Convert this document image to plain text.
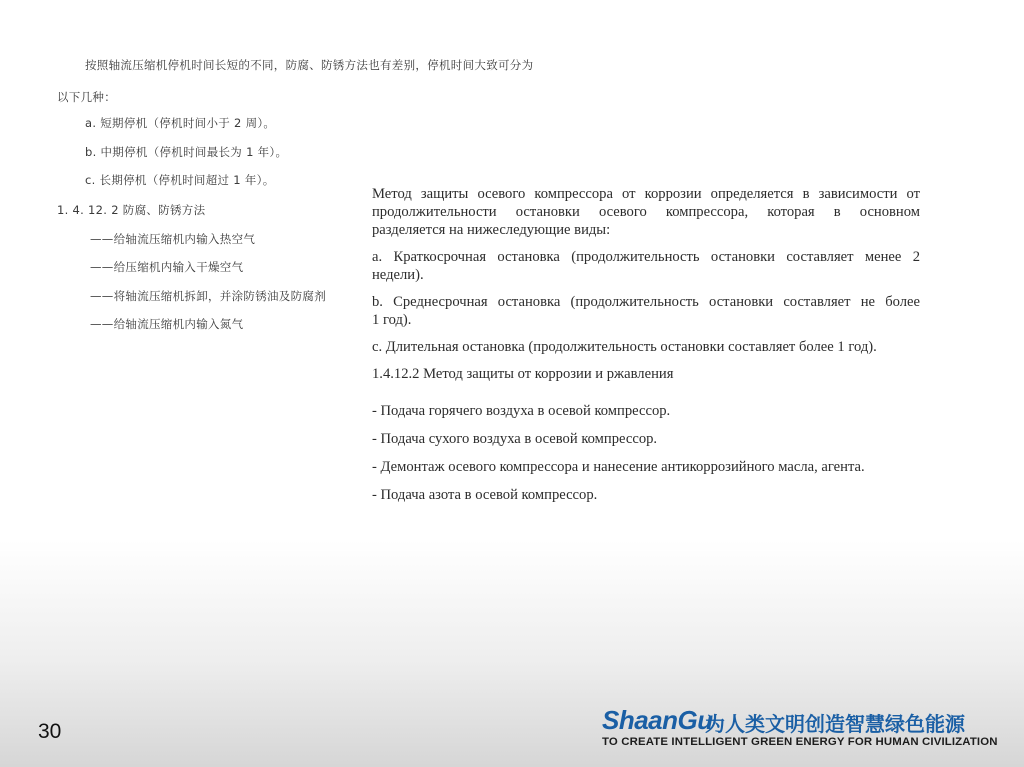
按照轴流压缩机停机时间长短的不同，防腐、防锈方法也有差别，停机时间大致可分为
以下几种：
a. 短期停机（停机时间小于 2 周）。
b. 中期停机（停机时间最长为 1 年）。
c. 长期停机（停机时间超过 1 年）。
1. 4. 12. 2 防腐、防锈方法
——给轴流压缩机内输入热空气
——给压缩机内输入干燥空气
——将轴流压缩机拆卸，并涂防锈油及防腐剂
——给轴流压缩机内输入氮气

Метод защиты осевого компрессора от коррозии определяется в зависимости от

продолжительности остановки осевого компрессора, которая в основном

разделяется на нижеследующие виды:

a. Краткосрочная остановка (продолжительность остановки составляет менее 2

недели).

b. Среднесрочная остановка (продолжительность остановки составляет не более

1 год).

c. Длительная остановка (продолжительность остановки составляет более 1 год).

1.4.12.2 Метод защиты от коррозии и ржавления

- Подача горячего воздуха в осевой компрессор.

- Подача сухого воздуха в осевой компрессор.

- Демонтаж осевого компрессора и нанесение антикоррозийного масла, агента.

- Подача азота в осевой компрессор.

30	ShaanGu
为人类文明创造智慧绿色能源
TO CREATE INTELLIGENT GREEN ENERGY FOR HUMAN CIVILIZATION
